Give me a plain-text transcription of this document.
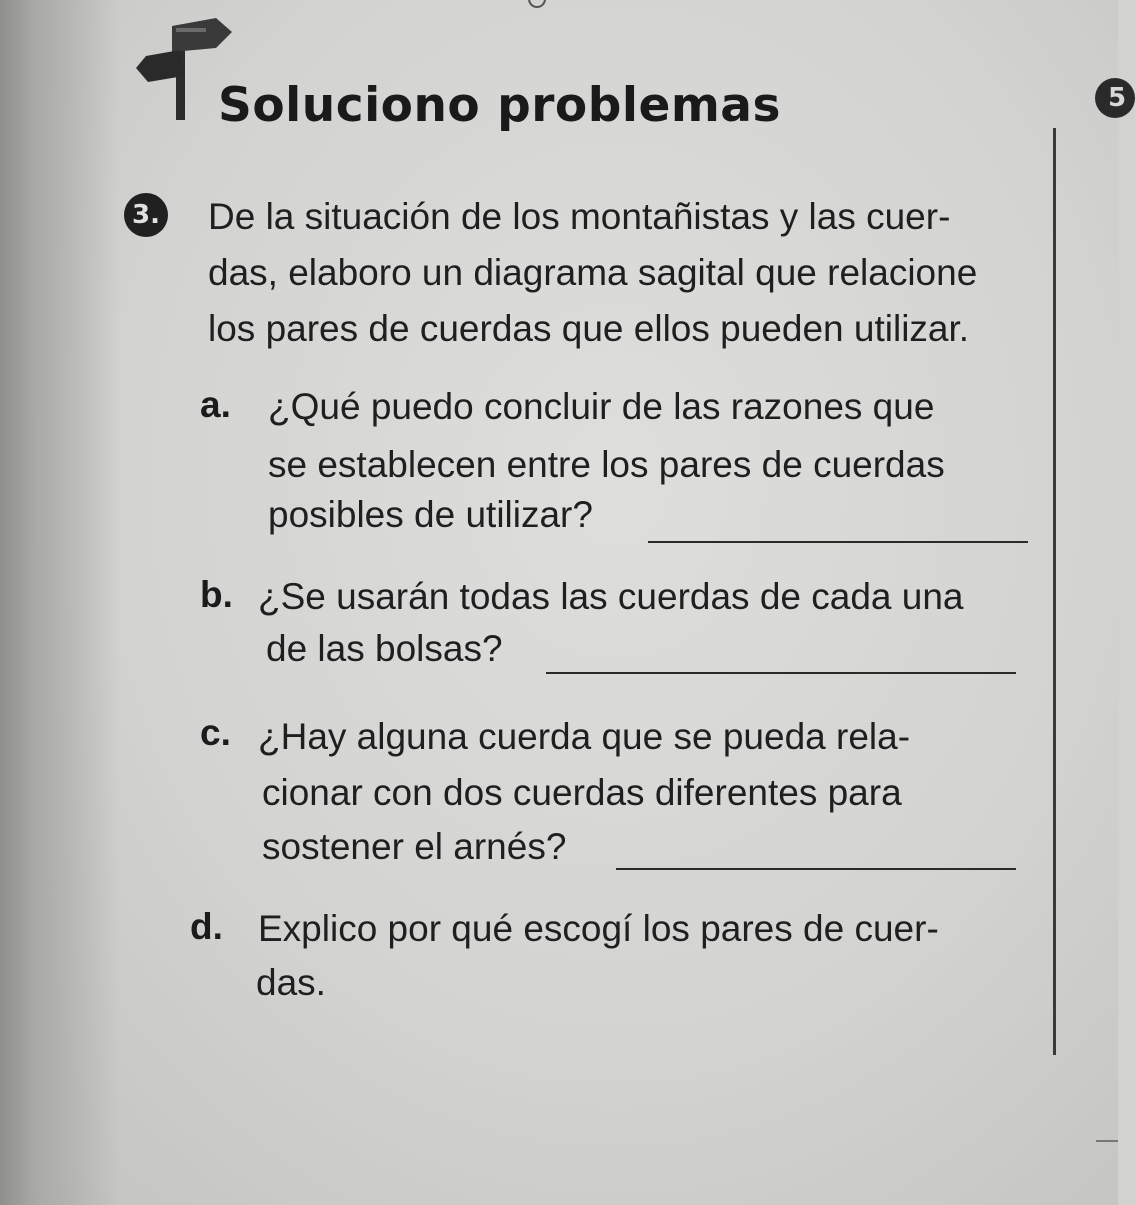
Soluciono problemas	5
3. De la situación de los montañistas y las cuer-
das, elaboro un diagrama sagital que relacione
los pares de cuerdas que ellos pueden utilizar.
a. ¿Qué puedo concluir de las razones que
se establecen entre los pares de cuerdas
posibles de utilizar?
b. ¿Se usarán todas las cuerdas de cada una
de las bolsas?
c. ¿Hay alguna cuerda que se pueda rela-
cionar con dos cuerdas diferentes para
sostener el arnés?
d. Explico por qué escogí los pares de cuer-
das.
